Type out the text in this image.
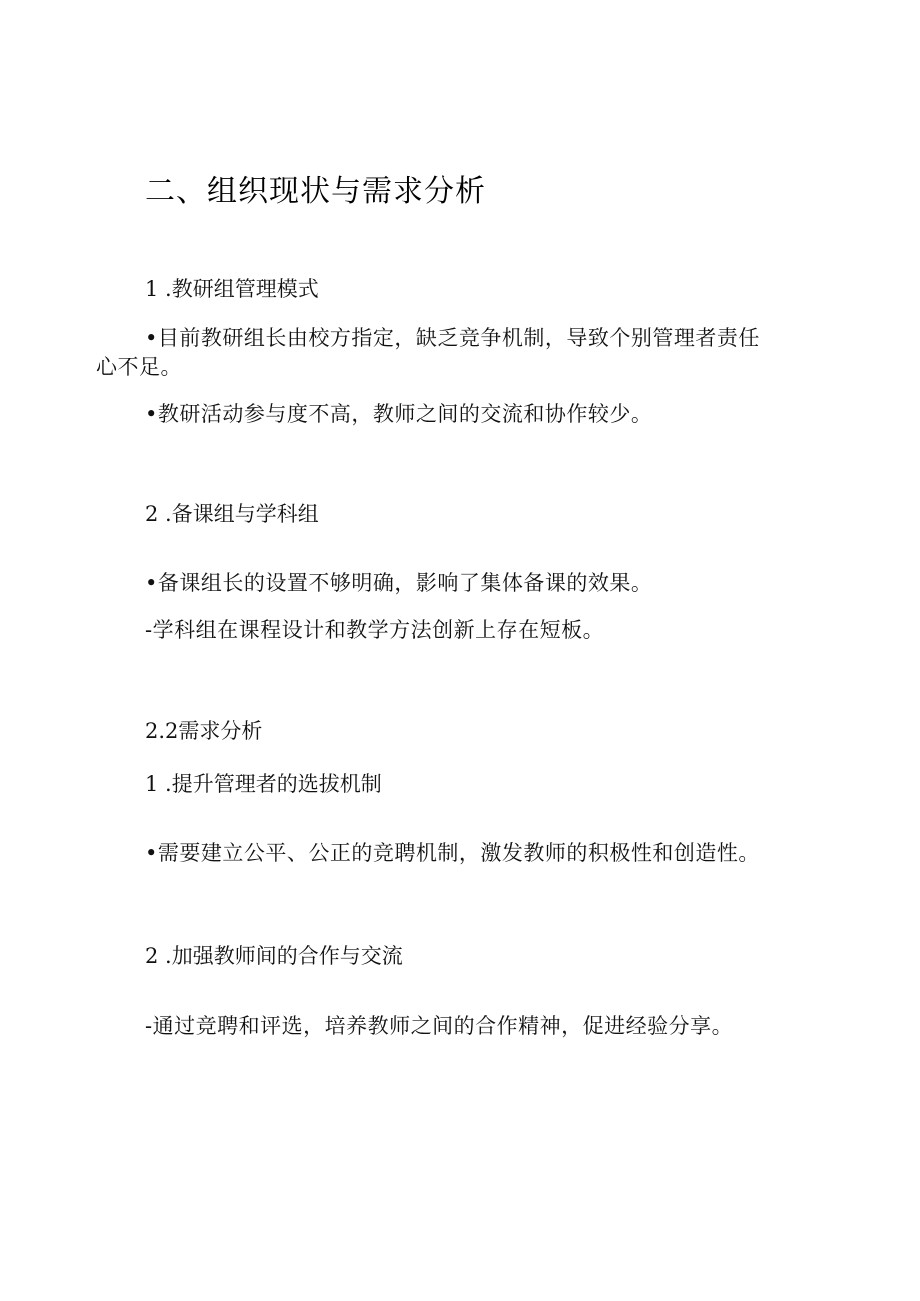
二、组织现状与需求分析
1 .教研组管理模式
•目前教研组长由校方指定，缺乏竞争机制，导致个别管理者责任
心不足。
•教研活动参与度不高，教师之间的交流和协作较少。
2 .备课组与学科组
•备课组长的设置不够明确，影响了集体备课的效果。
-学科组在课程设计和教学方法创新上存在短板。
2.2需求分析
1 .提升管理者的选拔机制
•需要建立公平、公正的竞聘机制，激发教师的积极性和创造性。
2 .加强教师间的合作与交流
-通过竞聘和评选，培养教师之间的合作精神，促进经验分享。
